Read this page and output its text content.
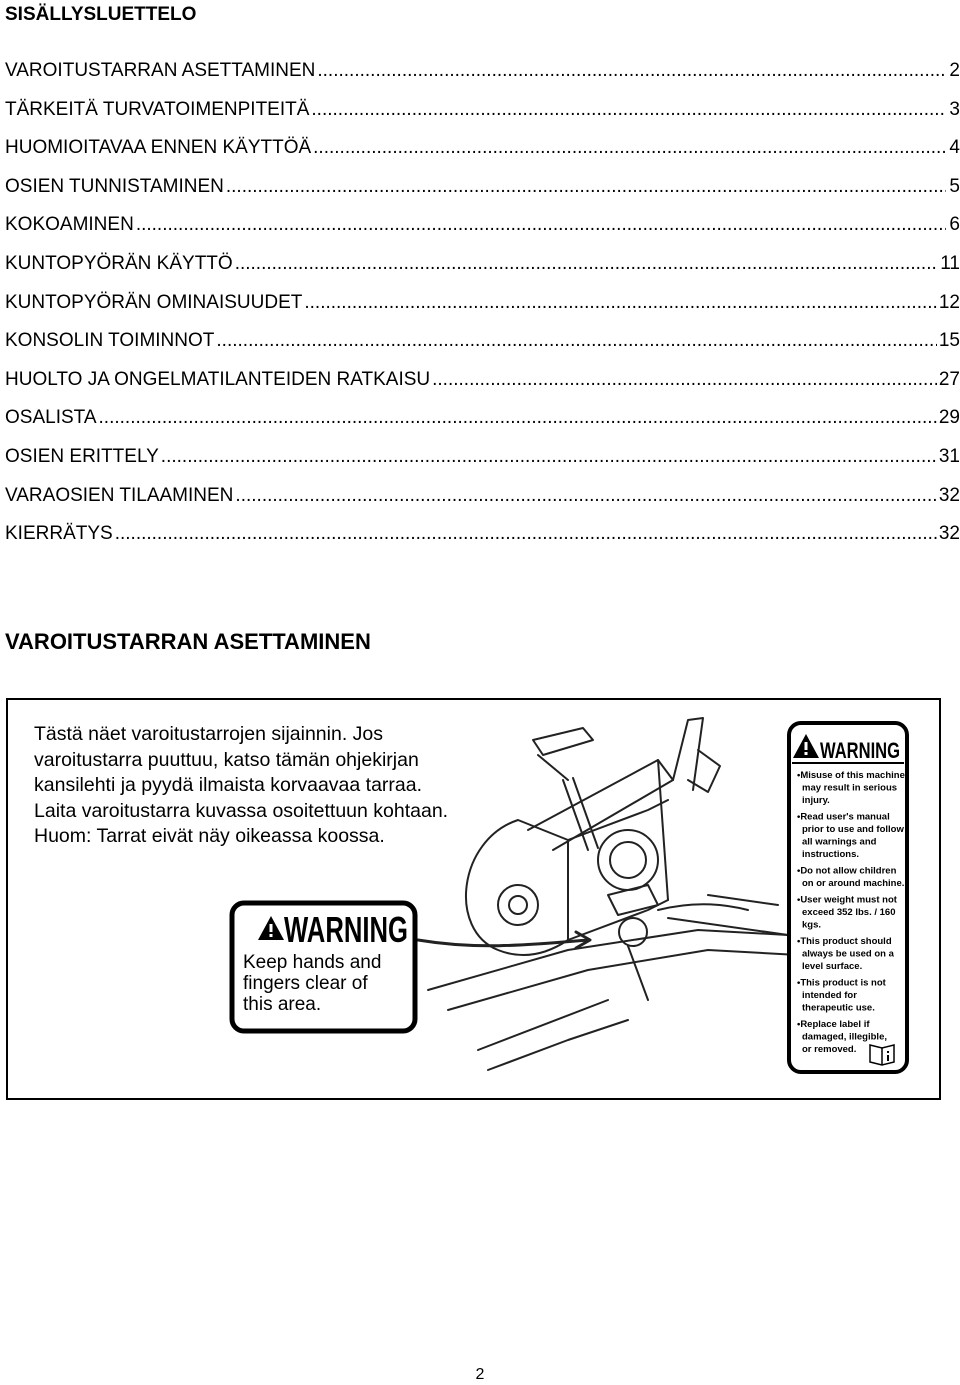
SISÄLLYSLUETTELO
VAROITUSTARRAN ASETTAMINEN .....	2
TÄRKEITÄ TURVATOIMENPITEITÄ .....	3
HUOMIOITAVAA ENNEN KÄYTTÖÄ .....	4
OSIEN TUNNISTAMINEN .....	5
KOKOAMINEN .....	6
KUNTOPYÖRÄN KÄYTTÖ .....	11
KUNTOPYÖRÄN OMINAISUUDET .....	12
KONSOLIN TOIMINNOT .....	15
HUOLTO JA ONGELMATILANTEIDEN RATKAISU .....	27
OSALISTA .....	29
OSIEN ERITTELY .....	31
VARAOSIEN TILAAMINEN .....	32
KIERRÄTYS .....	32
VAROITUSTARRAN ASETTAMINEN

Tästä näet varoitustarrojen sijainnin. Jos varoitustarra puuttuu, katso tämän ohjekirjan kansilehti ja pyydä ilmaista korvaavaa tarraa. Laita varoitustarra kuvassa osoitettuun kohtaan. Huom: Tarrat eivät näy oikeassa koossa.

WARNING
Keep hands and
fingers clear of
this area.
WARNING
•Misuse of this machine
may result in serious
injury.
•Read user's manual
prior to use and follow
all warnings and
instructions.
•Do not allow children
on or around machine.
•User weight must not
exceed 352 lbs. / 160
kgs.
•This product should
always be used on a
level surface.
•This product is not
intended for
therapeutic use.
•Replace label if
damaged, illegible,
or removed.
2
